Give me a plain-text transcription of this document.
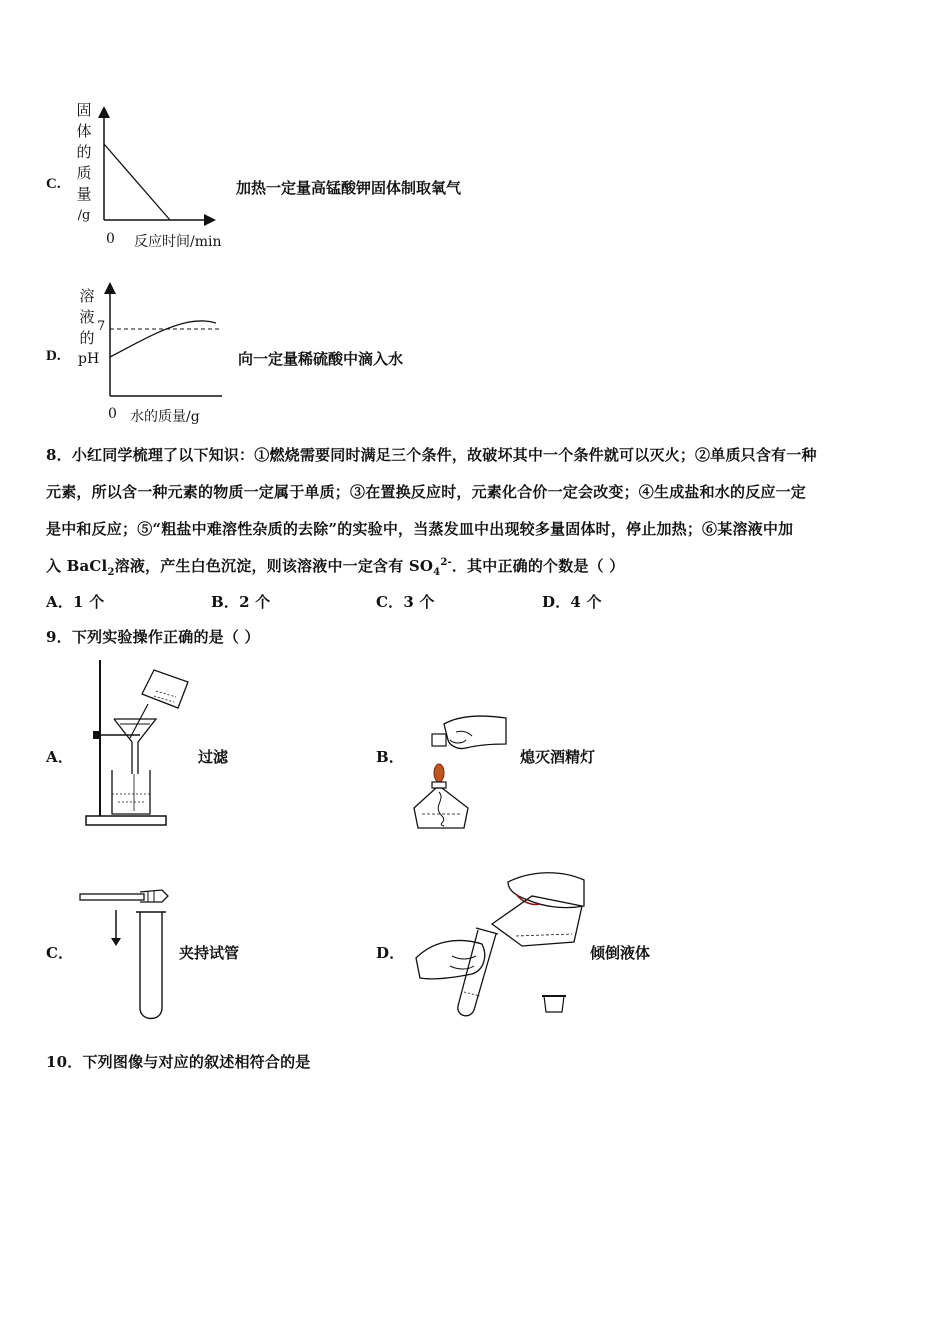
C.
固
体
的
质
量
/g
0 反应时间/min
加热一定量高锰酸钾固体制取氧气
D.
溶
液
的
pH
7
0 水的质量/g
向一定量稀硫酸中滴入水
8．小红同学梳理了以下知识：①燃烧需要同时满足三个条件，故破坏其中一个条件就可以灭火；②单质只含有一种
元素，所以含一种元素的物质一定属于单质；③在置换反应时，元素化合价一定会改变；④生成盐和水的反应一定
是中和反应；⑤“粗盐中难溶性杂质的去除”的实验中，当蒸发皿中出现较多量固体时，停止加热；⑥某溶液中加
入 BaCl$_2$溶液，产生白色沉淀，则该溶液中一定含有 $SO_4^{2-}$．其中正确的个数是（ ）
A．1 个	B．2 个	C．3 个	D．4 个
9．下列实验操作正确的是（ ）
A．	过滤	B．	熄灭酒精灯
C．	夹持试管	D．	倾倒液体
10．下列图像与对应的叙述相符合的是
